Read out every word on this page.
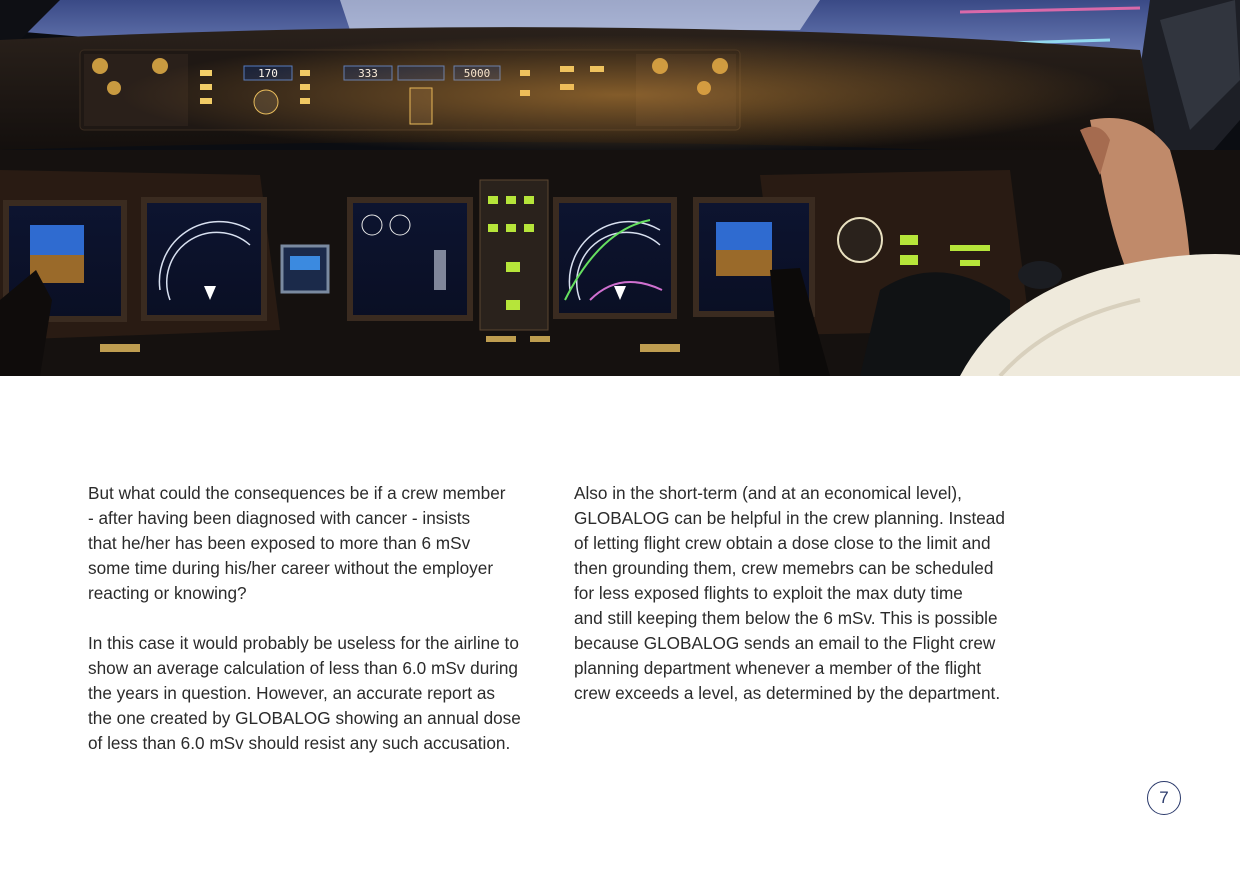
But what could the consequences be if a crew member
- after having been diagnosed with cancer - insists
that he/her has been exposed to more than 6 mSv
some time during his/her career without the employer
reacting or knowing?

In this case it would probably be useless for the airline to
show an average calculation of less than 6.0 mSv during
the years in question. However, an accurate report as
the one created by GLOBALOG showing an annual dose
of less than 6.0 mSv should resist any such accusation.

Also in the short-term (and at an economical level),
GLOBALOG can be helpful in the crew planning. Instead
of letting flight crew obtain a dose close to the limit and
then grounding them, crew memebrs can be scheduled
for less exposed flights to exploit the max duty time
and still keeping them below the 6 mSv. This is possible
because GLOBALOG sends an email to the Flight crew
planning department whenever a member of the flight
crew exceeds a level, as determined by the department.

7
